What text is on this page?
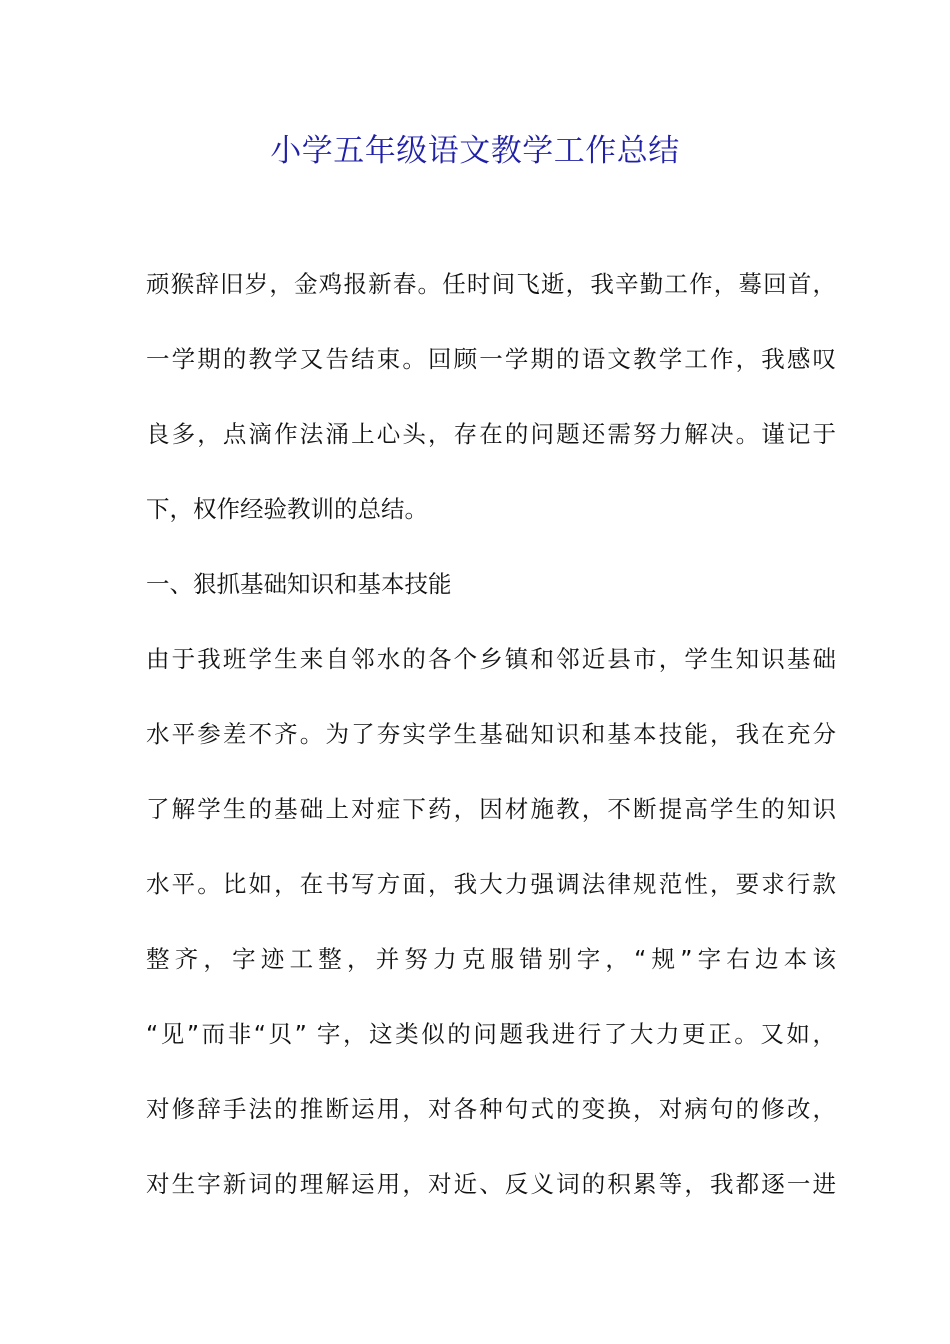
小学五年级语文教学工作总结
顽猴辞旧岁，金鸡报新春。任时间飞逝，我辛勤工作，蓦回首，
一学期的教学又告结束。回顾一学期的语文教学工作，我感叹
良多，点滴作法涌上心头，存在的问题还需努力解决。谨记于
下，权作经验教训的总结。
一、狠抓基础知识和基本技能
由于我班学生来自邻水的各个乡镇和邻近县市，学生知识基础
水平参差不齐。为了夯实学生基础知识和基本技能，我在充分
了解学生的基础上对症下药，因材施教，不断提高学生的知识
水平。比如，在书写方面，我大力强调法律规范性，要求行款
整齐，字迹工整，并努力克服错别字，“规”字右边本该
“见”而非“贝” 字，这类似的问题我进行了大力更正。又如，
对修辞手法的推断运用，对各种句式的变换，对病句的修改，
对生字新词的理解运用，对近、反义词的积累等，我都逐一进
